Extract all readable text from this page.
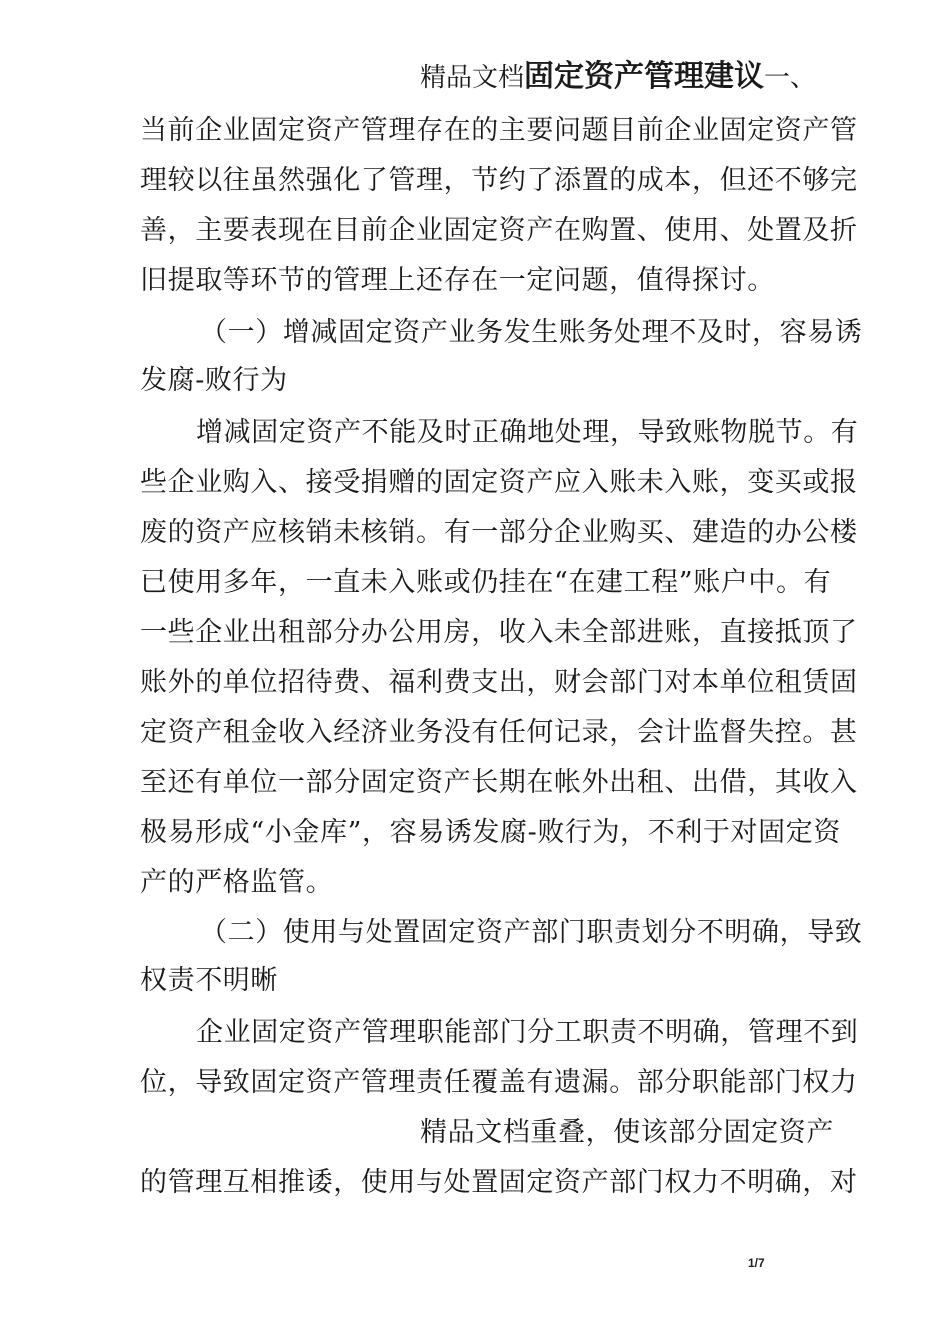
精品文档固定资产管理建议一、
当前企业固定资产管理存在的主要问题目前企业固定资产管
理较以往虽然强化了管理，节约了添置的成本，但还不够完
善，主要表现在目前企业固定资产在购置、使用、处置及折
旧提取等环节的管理上还存在一定问题，值得探讨。
（一）增减固定资产业务发生账务处理不及时，容易诱
发腐-败行为
增减固定资产不能及时正确地处理，导致账物脱节。有
些企业购入、接受捐赠的固定资产应入账未入账，变买或报
废的资产应核销未核销。有一部分企业购买、建造的办公楼
已使用多年，一直未入账或仍挂在“在建工程”账户中。有
一些企业出租部分办公用房，收入未全部进账，直接抵顶了
账外的单位招待费、福利费支出，财会部门对本单位租赁固
定资产租金收入经济业务没有任何记录，会计监督失控。甚
至还有单位一部分固定资产长期在帐外出租、出借，其收入
极易形成“小金库”，容易诱发腐-败行为，不利于对固定资
产的严格监管。
（二）使用与处置固定资产部门职责划分不明确，导致
权责不明晰
企业固定资产管理职能部门分工职责不明确，管理不到
位，导致固定资产管理责任覆盖有遗漏。部分职能部门权力
精品文档重叠，使该部分固定资产
的管理互相推诿，使用与处置固定资产部门权力不明确，对
1/7
